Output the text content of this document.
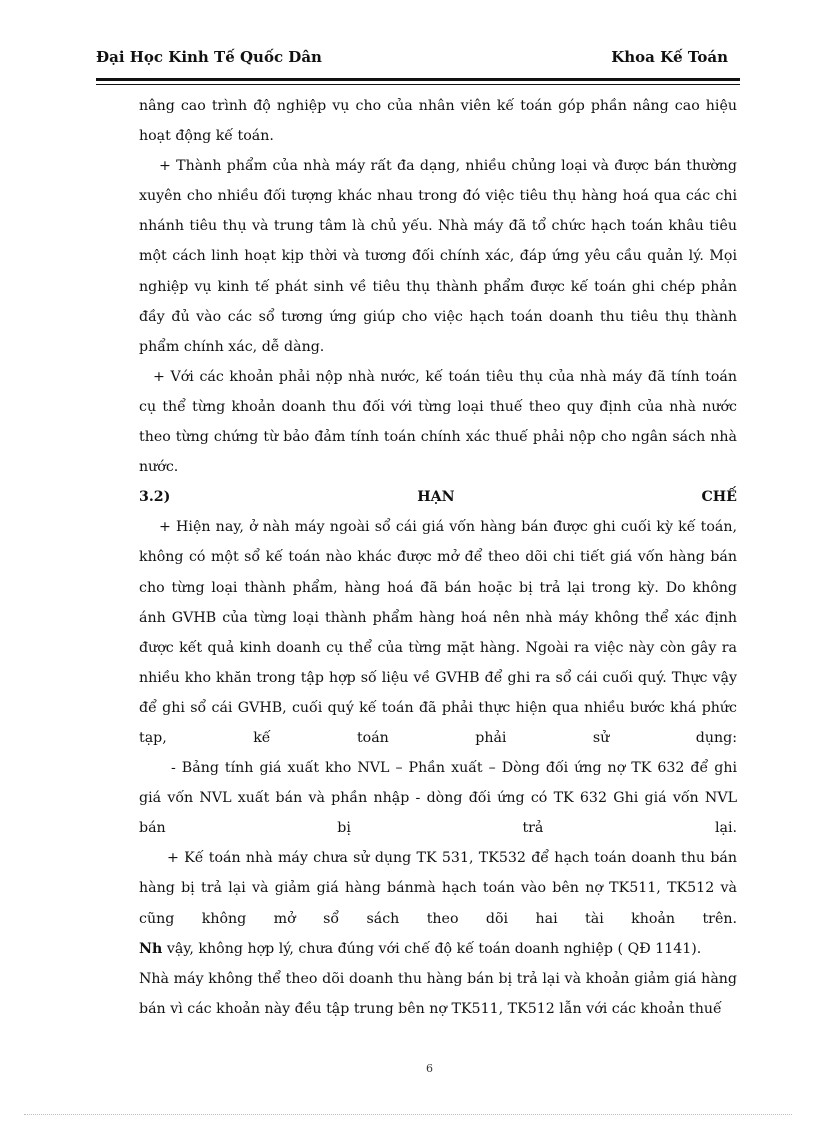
Đại Học Kinh Tế Quốc Dân	Khoa Kế Toán
nâng cao trình độ nghiệp vụ cho của nhân viên kế toán góp phần nâng cao hiệu
hoạt động kế toán.
+ Thành phẩm của nhà máy rất đa dạng, nhiều chủng loại và được bán thường
xuyên cho nhiều đối tượng khác nhau trong đó việc tiêu thụ hàng hoá qua các chi
nhánh tiêu thụ và trung tâm là chủ yếu. Nhà máy đã tổ chức hạch toán khâu tiêu
một cách linh hoạt kịp thời và tương đối chính xác, đáp ứng yêu cầu quản lý. Mọi
nghiệp vụ kinh tế phát sinh về tiêu thụ thành phẩm được kế toán ghi chép phản
đầy đủ vào các sổ tương ứng giúp cho việc hạch toán doanh thu tiêu thụ thành
phẩm chính xác, dễ dàng.
+ Với các khoản phải nộp nhà nước, kế toán tiêu thụ của nhà máy đã tính toán
cụ thể từng khoản doanh thu đối với từng loại thuế theo quy định của nhà nước
theo từng chứng từ bảo đảm tính toán chính xác thuế phải nộp cho ngân sách nhà
nước.
3.2)	HẠN	CHẾ
+ Hiện nay, ở nàh máy ngoài sổ cái giá vốn hàng bán được ghi cuối kỳ kế toán,
không có một sổ kế toán nào khác được mở để theo dõi chi tiết giá vốn hàng bán
cho từng loại thành phẩm, hàng hoá đã bán hoặc bị trả lại trong kỳ. Do không
ánh GVHB của từng loại thành phẩm hàng hoá nên nhà máy không thể xác định
được kết quả kinh doanh cụ thể của từng mặt hàng. Ngoài ra việc này còn gây ra
nhiều kho khăn trong tập hợp số liệu về GVHB để ghi ra sổ cái cuối quý. Thực vậy
để ghi sổ cái GVHB, cuối quý kế toán đã phải thực hiện qua nhiều bước khá phức
tạp, kế toán phải sử dụng:
- Bảng tính giá xuất kho NVL – Phần xuất – Dòng đối ứng nợ TK 632 để ghi
giá vốn NVL xuất bán và phần nhập - dòng đối ứng có TK 632 Ghi giá vốn NVL
bán bị trả lại.
+ Kế toán nhà máy chưa sử dụng TK 531, TK532 để hạch toán doanh thu bán
hàng bị trả lại và giảm giá hàng bánmà hạch toán vào bên nợ TK511, TK512 và
cũng không mở sổ sách theo dõi hai tài khoản trên.
Nh vậy, không hợp lý, chưa đúng với chế độ kế toán doanh nghiệp ( QĐ 1141).
Nhà máy không thể theo dõi doanh thu hàng bán bị trả lại và khoản giảm giá hàng
bán vì các khoản này đều tập trung bên nợ TK511, TK512 lẫn với các khoản thuế
6
